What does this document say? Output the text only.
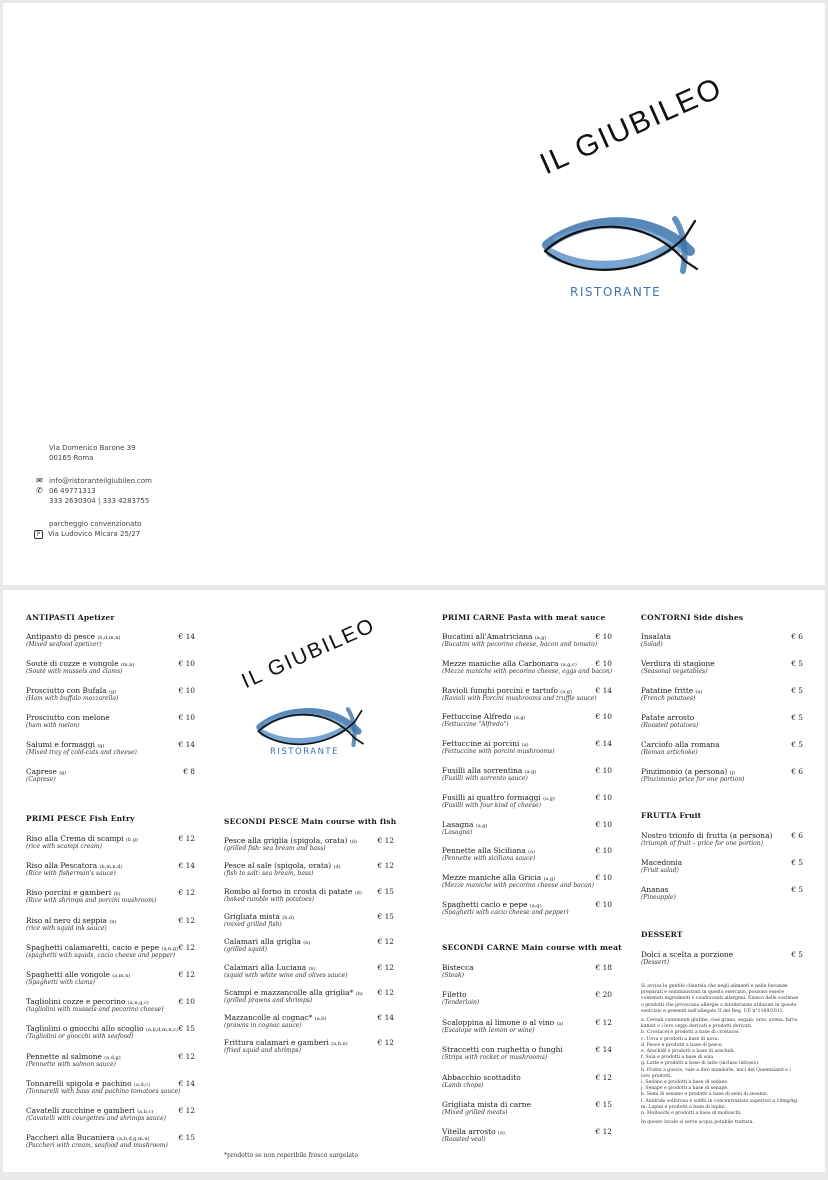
IL GIUBILEO
RISTORANTE
Via Domenico Barone 39
00165 Roma
✉ info@ristoranteilgiubileo.com
✆ 06 49771313
333 2630304 | 333 4283755
parcheggio convenzionato
P	Via Ludovico Micara 25/27
ANTIPASTI Apetizer
Antipasto di pesce (b,d,m,n)
(Mixed seafood apetizer)
€ 14
Soutè di cozze e vongole (m,n)
(Soutè with mussels and clams)
€ 10
Prosciutto con Bufala (g)
(Ham with buffalo mozzarella)
€ 10
Prosciutto con melone
(ham with melon)
€ 10
Salumi e formaggi (g)
(Mixed tray of cold-cuts and cheese)
€ 14
Caprese (g)
(Caprese)
€ 8
PRIMI PESCE Fish Entry
Riso alla Crema di scampi (b,g)
(rice with scampi cream)
€ 12
Riso alla Pescatora (b,m,n,d)
(Rice with fisherman's sauce)
€ 14
Riso porcini e gamberi (b)
(Rice with shrimps and porcini mushroom)
€ 12
Riso al nero di seppia (n)
(rice with squid ink sauce)
€ 12
Spaghetti calamaretti, cacio e pepe (a,n,g)
(spaghetti with squids, cacio cheese and pepper)
€ 12
Spaghetti alle vongole (a,m,n)
(Spaghetti with clams)
€ 12
Tagliolini cozze e pecorino (a,n,g,c)
(tagliolini with mussels and pecorino cheese)
€ 10
Tagliolini o gnocchi allo scoglio (a,b,d,m,n,c)
(Tagliolini or gnocchi with seafood)
€ 15
Pennette al salmone (a,d,g)
(Pennette with salmon sauce)
€ 12
Tonnarelli spigola e pachino (a,d,c)
(Tonnarelli with bass and pachino tomatoes sauce)
€ 14
Cavatelli zucchine e gamberi (a,b,c)
(Cavatelli with courgettes and shrimps sauce)
€ 12
Paccheri alla Bucaniera (a,b,d,g,m,n)
(Paccheri with cream, seafood and mushroom)
€ 15
IL GIUBILEO
RISTORANTE
SECONDI PESCE Main course with fish
Pesce alla griglia (spigola, orata) (d)
(grilled fish: sea bream and bass)
€ 12
Pesce al sale (spigola, orata) (d)
(fish to salt: sea bream, bass)
€ 12
Rombo al forno in crosta di patate (d)
(baked rumble with potatoes)
€ 15
Grigliata mista (b,d)
(mixed grilled fish)
€ 15
Calamari alla griglia (n)
(grilled squid)
€ 12
Calamari alla Luciana (n)
(squid with white wine and olives sauce)
€ 12
Scampi e mazzancolle alla griglia* (b)
(grilled prawns and shrimps)
€ 12
Mazzancolle al cognac* (a,b)
(prawns in cognac sauce)
€ 14
Frittura calamari e gamberi (a,b,n)
(fried squid and shrimps)
€ 12
*prodotto se non reperibile fresco surgelato
PRIMI CARNE Pasta with meat sauce
Bucatini all'Amatriciana (a,g)
(Bucatini with pecorino cheese, bacon and tomato)
€ 10
Mezze maniche alla Carbonara (a,g,c)
(Mezze maniche with pecorino cheese, eggs and bacon)
€ 10
Ravioli funghi porcini e tartufo (a,g)
(Ravioli with Porcini mushrooms and truffle sauce)
€ 14
Fettuccine Alfredo (a,g)
(Fettuccine "Alfredo")
€ 10
Fettuccine ai porcini (a)
(Fettuccine with porcini mushrooms)
€ 14
Fusilli alla sorrentina (a,g)
(Fusilli with sorrento sauce)
€ 10
Fusilli ai quattro formaggi (a,g)
(Fusilli with four kind of cheese)
€ 10
Lasagna (a,g)
(Lasagna)
€ 10
Pennette alla Siciliana (a)
(Pennette with siciliana sauce)
€ 10
Mezze maniche alla Gricia (a,g)
(Mezze maniche with pecorino cheese and bacon)
€ 10
Spaghetti cacio e pepe (a,g)
(Spaghetti with cacio cheese and pepper)
€ 10
SECONDI CARNE Main course with meat
Bistecca
(Steak)
€ 18
Filetto
(Tenderloin)
€ 20
Scaloppina al limone o al vino (a)
(Escalope with lemon or wine)
€ 12
Straccetti con rughetta o funghi
(Strips with rocket or mushrooms)
€ 14
Abbacchio scottadito
(Lamb chops)
€ 12
Grigliata mista di carne
(Mixed grilled meats)
€ 15
Vitella arrosto (a)
(Roasted veal)
€ 12
CONTORNI Side dishes
Insalata
(Salad)
€ 6
Verdura di stagione
(Seasonal vegetables)
€ 5
Patatine fritte (a)
(French potatoes)
€ 5
Patate arrosto
(Roasted potatoes)
€ 5
Carciofo alla romana
(Roman artichoke)
€ 5
Pinzimonio (a persona) (j)
(Pinzimonio price for one portion)
€ 6
FRUTTA Fruit
Nostro trionfo di frutta (a persona)
(triumph of fruit – price for one portion)
€ 6
Macedonia
(Fruit salad)
€ 5
Ananas
(Pineapple)
€ 5
DESSERT
Dolci a scelta a porzione
(Dessert)
€ 5

Si avvisa la gentile clientela che negli alimenti e nelle bevande preparati e somministrati in questo esercizio, possono essere contenuti ingredienti o coadiuvanti allergeni. Elenco delle sostanze o prodotti che provocano allergie o intolleranze utilizzati in questo esercizio e presenti nell'allegato II del Reg. UE n°1169/2011.

a. Cereali contenenti glutine, cioè grano, segale, orzo, avena, farro, kamut o i loro ceppi derivati e prodotti derivati.
b. Crostacei e prodotti a base di crostacei.
c. Uova e prodotti a base di uova.
d. Pesce e prodotti a base di pesce.
e. Arachidi e prodotti a base di arachidi.
f. Soia e prodotti a base di soia.
g. Latte e prodotti a base di latte (incluso lattosio).
h. Frutta a guscio, vale a dire mandorle, noci del Queensland e i loro prodotti.
i. Sedano e prodotti a base di sedano.
j. Senape e prodotti a base di senape.
k. Semi di sesamo e prodotti a base di semi di sesamo.
l. Anidride solforosa e solfiti in concentrazioni superiori a 10mg/kg.
m. Lupini e prodotti a base di lupini.
n. Molluschi e prodotti a base di molluschi.

In questo locale si serve acqua potabile trattata.
